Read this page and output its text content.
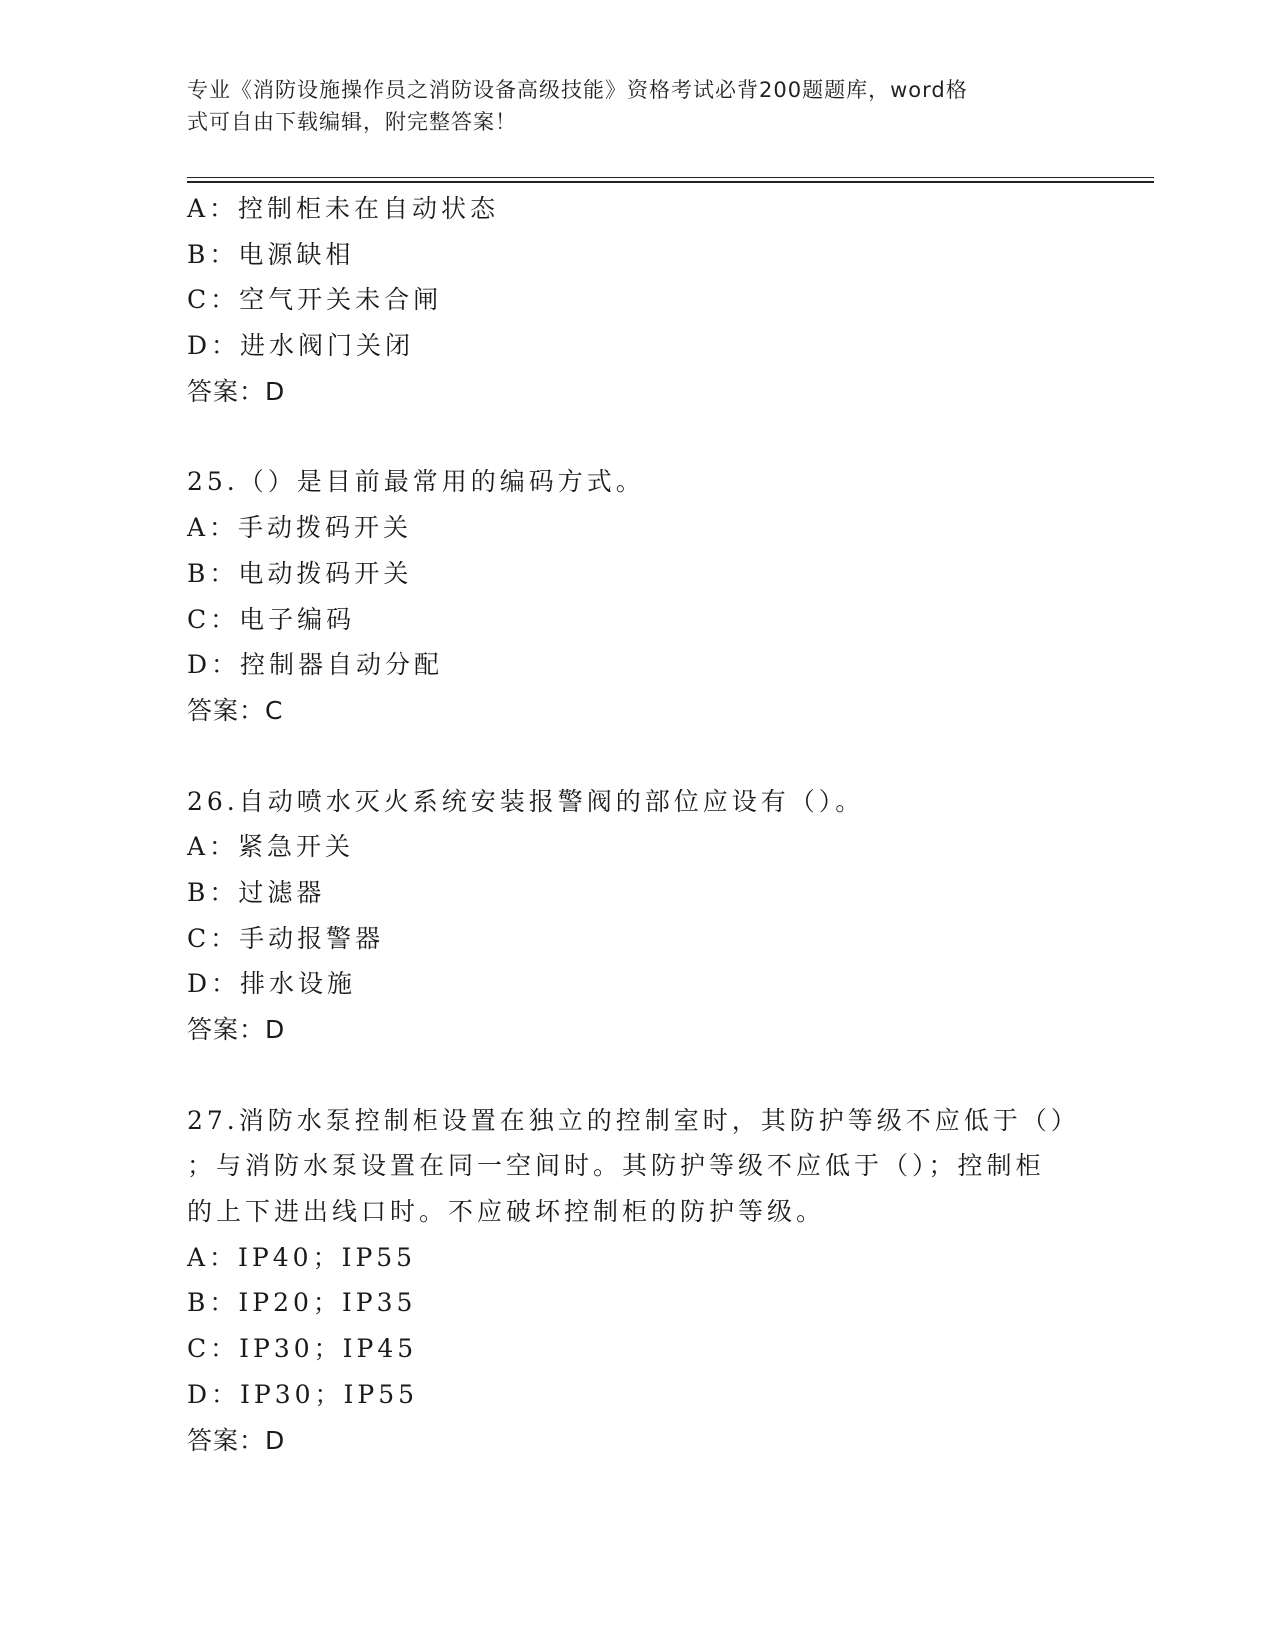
专业《消防设施操作员之消防设备高级技能》资格考试必背200题题库，word格
式可自由下载编辑，附完整答案！
A：控制柜未在自动状态
B：电源缺相
C：空气开关未合闸
D：进水阀门关闭
答案：D
25.（）是目前最常用的编码方式。
A：手动拨码开关
B：电动拨码开关
C：电子编码
D：控制器自动分配
答案：C
26.自动喷水灭火系统安装报警阀的部位应设有（）。
A：紧急开关
B：过滤器
C：手动报警器
D：排水设施
答案：D
27.消防水泵控制柜设置在独立的控制室时，其防护等级不应低于（）
；与消防水泵设置在同一空间时。其防护等级不应低于（）；控制柜
的上下进出线口时。不应破坏控制柜的防护等级。
A：IP40；IP55
B：IP20；IP35
C：IP30；IP45
D：IP30；IP55
答案：D
